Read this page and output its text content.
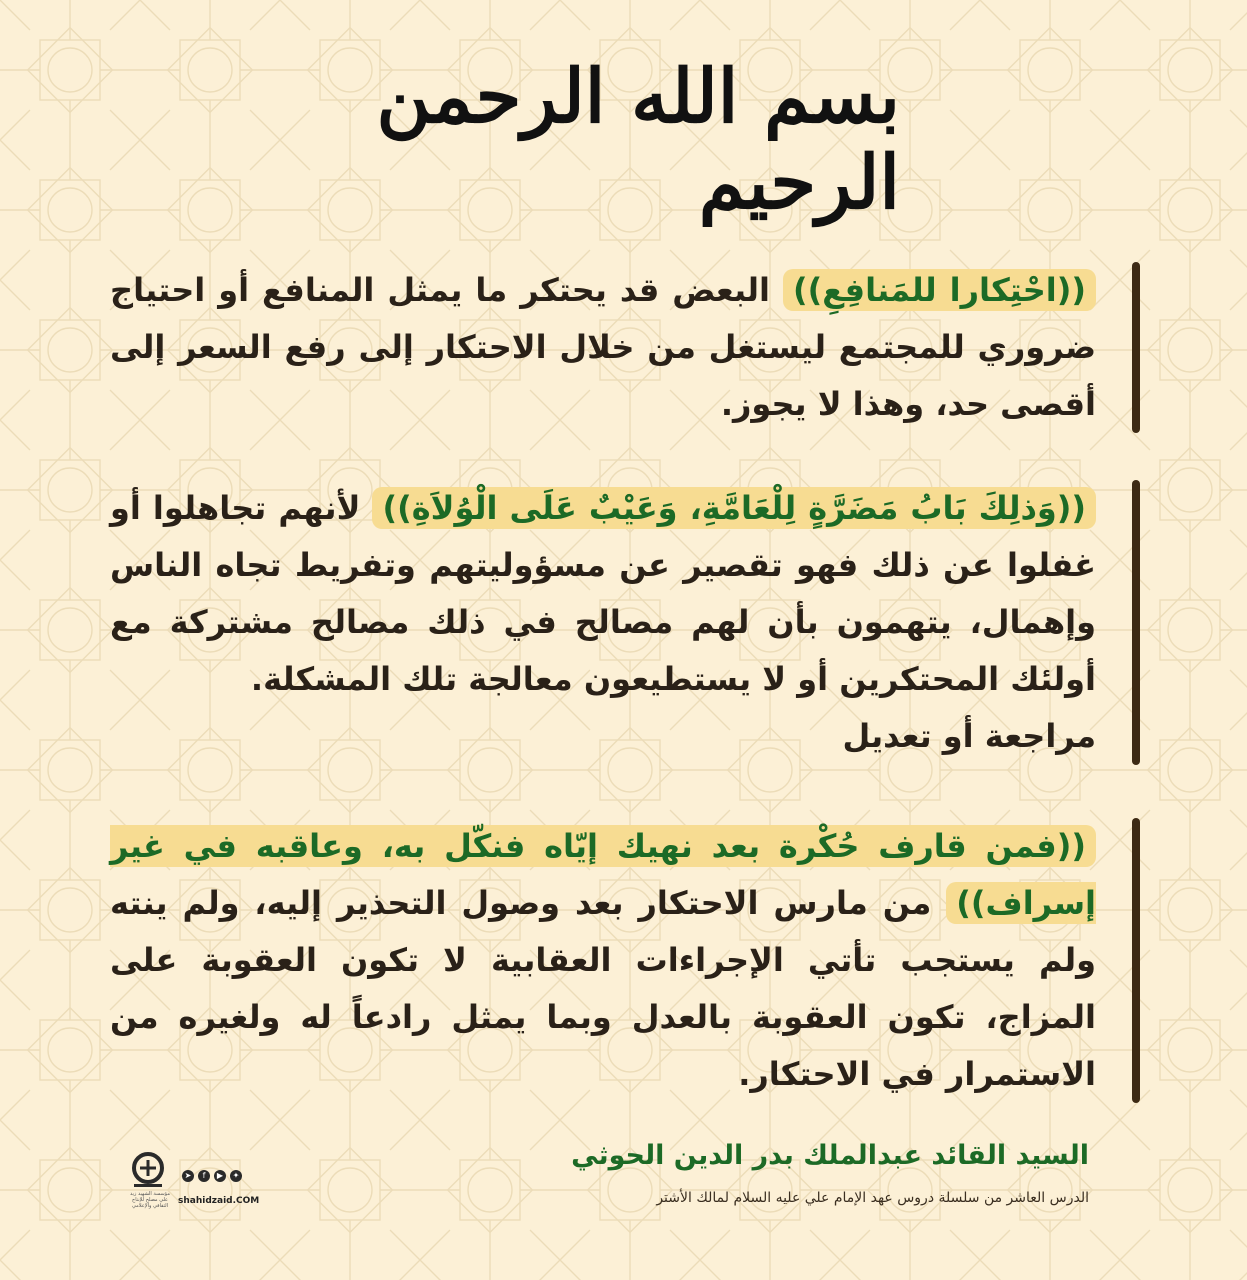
بسم الله الرحمن الرحيم
((احْتِكارا للمَنافِعِ)) البعض قد يحتكر ما يمثل المنافع أو احتياج ضروري للمجتمع ليستغل من خلال الاحتكار إلى رفع السعر إلى أقصى حد، وهذا لا يجوز.
((وَذلِكَ بَابُ مَضَرَّةٍ لِلْعَامَّةِ، وَعَيْبٌ عَلَى الْوُلاَةِ)) لأنهم تجاهلوا أو غفلوا عن ذلك فهو تقصير عن مسؤوليتهم وتفريط تجاه الناس وإهمال، يتهمون بأن لهم مصالح في ذلك مصالح مشتركة مع أولئك المحتكرين أو لا يستطيعون معالجة تلك المشكلة.
مراجعة أو تعديل
((فمن قارف حُكْرة بعد نهيك إيّاه فنكّل به، وعاقبه في غير إسراف)) من مارس الاحتكار بعد وصول التحذير إليه، ولم ينته ولم يستجب تأتي الإجراءات العقابية لا تكون العقوبة على المزاج، تكون العقوبة بالعدل وبما يمثل رادعاً له ولغيره من الاستمرار في الاحتكار.
السيد القائد عبدالملك بدر الدين الحوثي
الدرس العاشر من سلسلة دروس عهد الإمام علي عليه السلام لمالك الأشتر
مؤسسة الشهيد زيد علي مصلح للإنتاج الثقافي والإعلامي
➤	f	▶	✦
shahidzaid.COM
